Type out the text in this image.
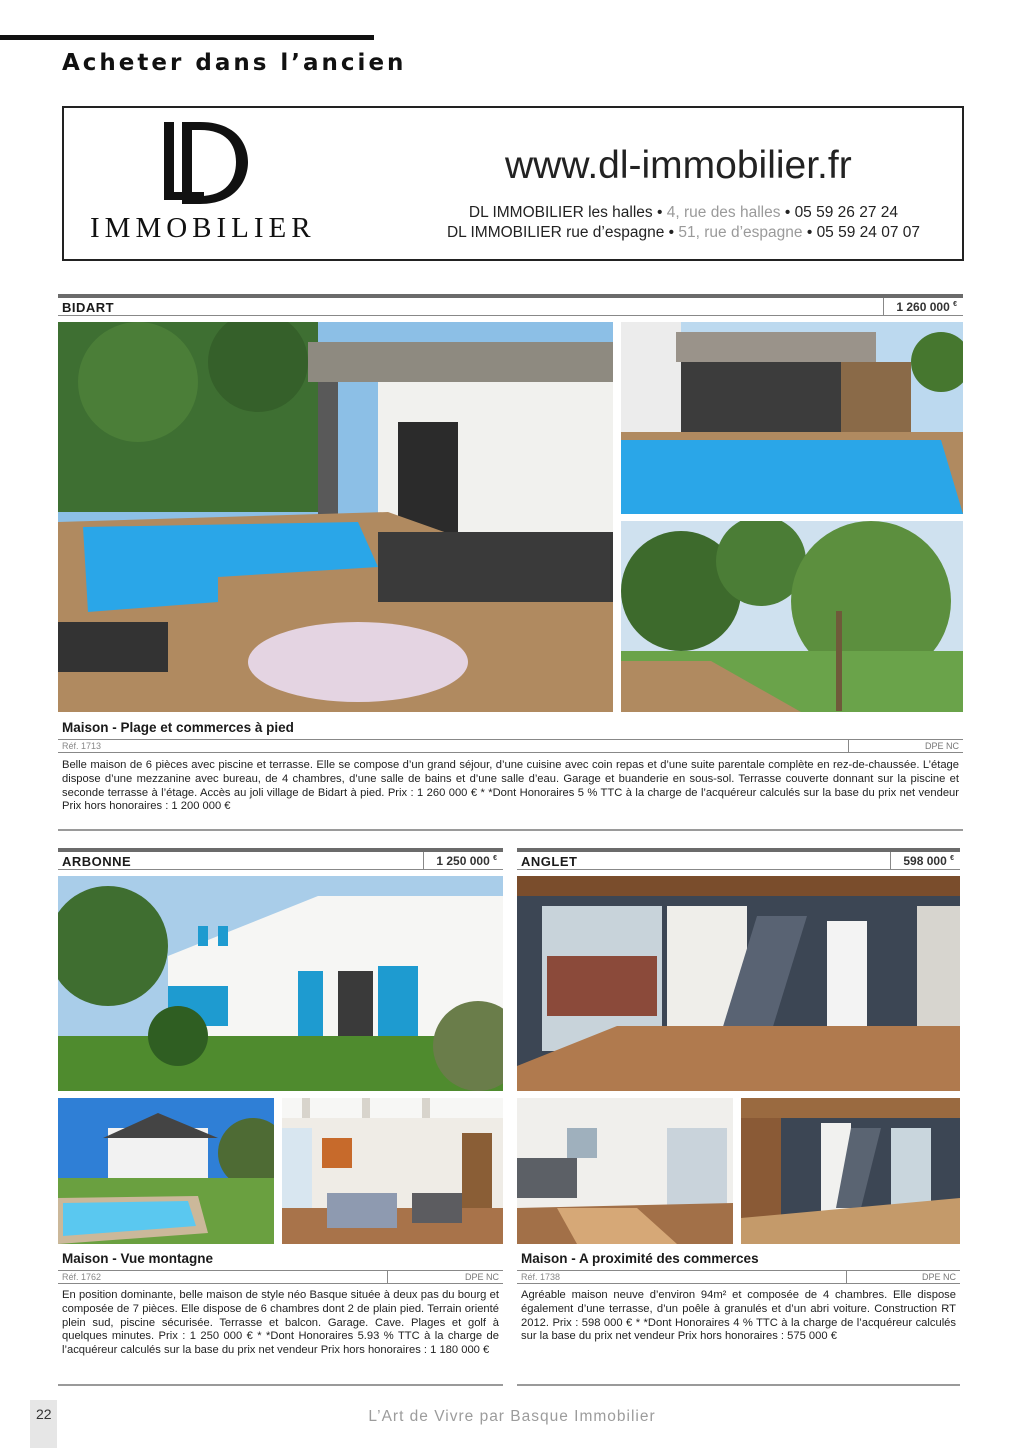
Acheter dans l’ancien
IMMOBILIER
www.dl-immobilier.fr
DL IMMOBILIER les halles • 4, rue des halles • 05 59 26 27 24
DL IMMOBILIER rue d’espagne • 51, rue d’espagne • 05 59 24 07 07
BIDART	1 260 000 €
Maison - Plage et commerces à pied
Réf. 1713	DPE NC
Belle maison de 6 pièces avec piscine et terrasse. Elle se compose d’un grand séjour, d’une cuisine avec coin repas et d’une suite parentale complète en rez-de-chaussée. L’étage dispose d’une mezzanine avec bureau, de 4 chambres, d’une salle de bains et d’une salle d’eau. Garage et buanderie en sous-sol. Terrasse couverte donnant sur la piscine et seconde terrasse à l’étage. Accès au joli village de Bidart à pied. Prix : 1 260 000 € * *Dont Honoraires 5 % TTC à la charge de l’acquéreur calculés sur la base du prix net vendeur Prix hors honoraires : 1 200 000 €
ARBONNE	1 250 000 €
Maison - Vue montagne
Réf. 1762	DPE NC
En position dominante, belle maison de style néo Basque située à deux pas du bourg et composée de 7 pièces. Elle dispose de 6 chambres dont 2 de plain pied. Terrain orienté plein sud, piscine sécurisée. Terrasse et balcon. Garage. Cave. Plages et golf à quelques minutes. Prix : 1 250 000 € * *Dont Honoraires 5.93 % TTC à la charge de l’acquéreur calculés sur la base du prix net vendeur Prix hors honoraires : 1 180 000 €
ANGLET	598 000 €
Maison - A proximité des commerces
Réf. 1738	DPE NC
Agréable maison neuve d’environ 94m² et composée de 4 chambres. Elle dispose également d’une terrasse, d’un poêle à granulés et d’un abri voiture. Construction RT 2012. Prix : 598 000 € * *Dont Honoraires 4 % TTC à la charge de l’acquéreur calculés sur la base du prix net vendeur Prix hors honoraires : 575 000 €
22	L’Art de Vivre par Basque Immobilier
